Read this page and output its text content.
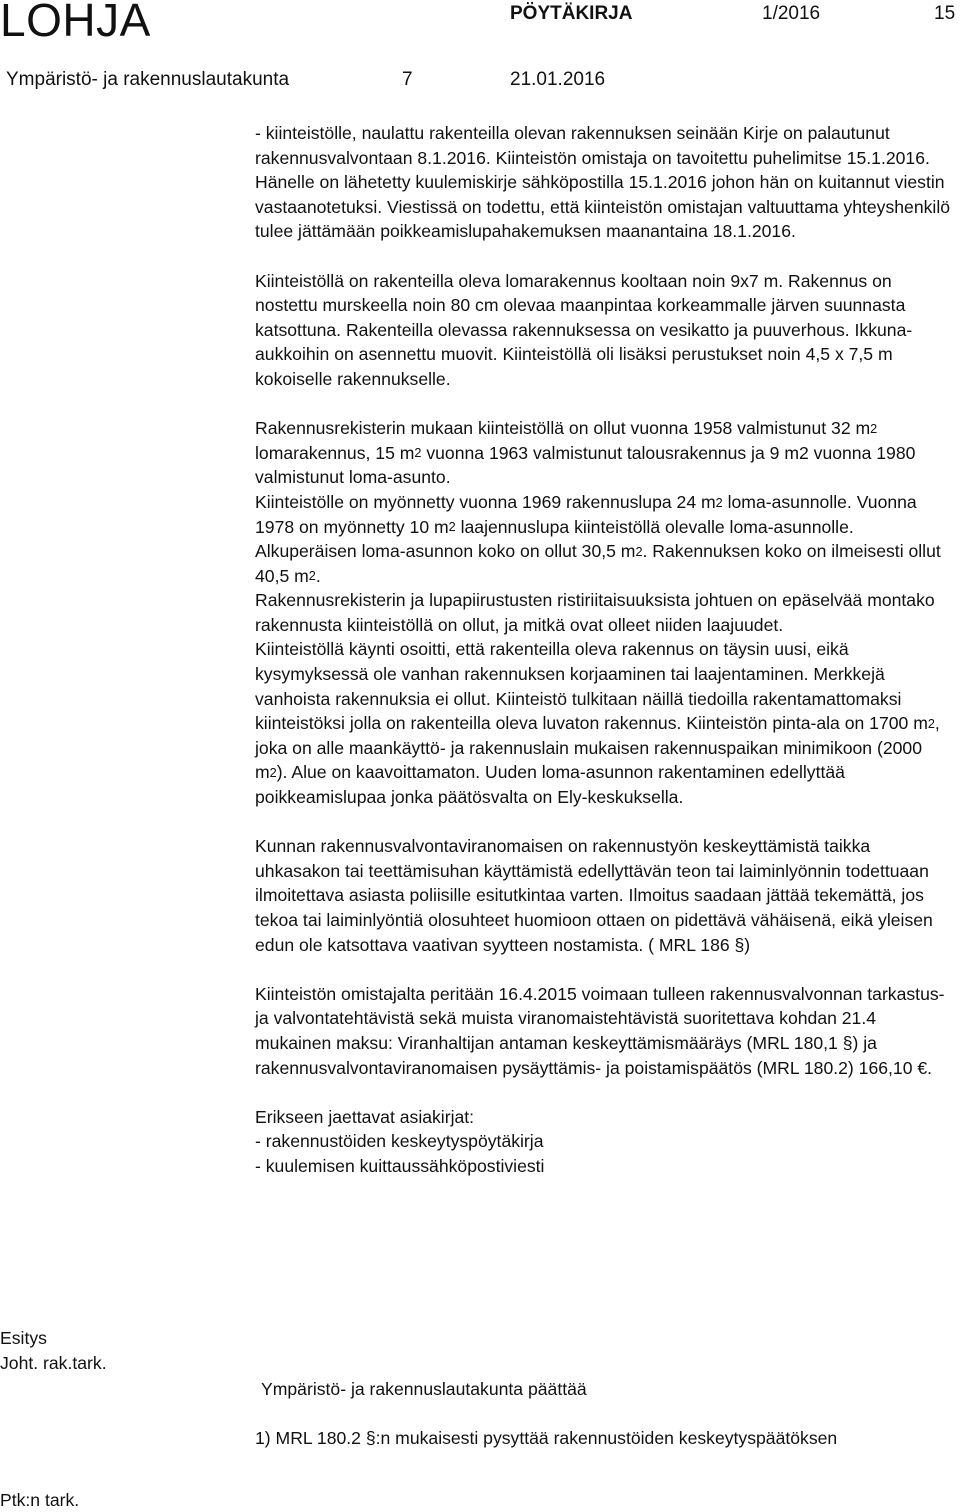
LOHJA	PÖYTÄKIRJA	1/2016	15
Ympäristö- ja rakennuslautakunta	7	21.01.2016

- kiinteistölle, naulattu rakenteilla olevan rakennuksen seinään Kirje on palautunut rakennusvalvontaan 8.1.2016. Kiinteistön omistaja on tavoitettu puhelimitse 15.1.2016. Hänelle on lähetetty kuulemiskirje sähköpostilla 15.1.2016 johon hän on kuitannut viestin vastaanotetuksi. Viestissä on todettu, että kiinteistön omistajan valtuuttama yhteyshenkilö tulee jättämään poikkeamislupahakemuksen maanantaina 18.1.2016.

Kiinteistöllä on rakenteilla oleva lomarakennus kooltaan noin 9x7 m. Rakennus on nostettu murskeella noin 80 cm olevaa maanpintaa korkeammalle järven suunnasta katsottuna. Rakenteilla olevassa rakennuksessa on vesikatto ja puuverhous. Ikkuna-aukkoihin on asennettu muovit. Kiinteistöllä oli lisäksi perustukset noin 4,5 x 7,5 m kokoiselle rakennukselle.

Rakennusrekisterin mukaan kiinteistöllä on ollut vuonna 1958 valmistunut 32 $m^2$ lomarakennus, 15 $m^2$ vuonna 1963 valmistunut talousrakennus ja 9 m2 vuonna 1980 valmistunut loma-asunto.

Kiinteistölle on myönnetty vuonna 1969 rakennuslupa 24 $m^2$ loma-asunnolle. Vuonna 1978 on myönnetty 10 $m^2$ laajennuslupa kiinteistöllä olevalle loma-asunnolle. Alkuperäisen loma-asunnon koko on ollut 30,5 $m^2$. Rakennuksen koko on ilmeisesti ollut 40,5 $m^2$.

Rakennusrekisterin ja lupapiirustusten ristiriitaisuuksista johtuen on epäselvää montako rakennusta kiinteistöllä on ollut, ja mitkä ovat olleet niiden laajuudet.

Kiinteistöllä käynti osoitti, että rakenteilla oleva rakennus on täysin uusi, eikä kysymyksessä ole vanhan rakennuksen korjaaminen tai laajentaminen. Merkkejä vanhoista rakennuksia ei ollut. Kiinteistö tulkitaan näillä tiedoilla rakentamattomaksi kiinteistöksi jolla on rakenteilla oleva luvaton rakennus. Kiinteistön pinta-ala on 1700 $m^2$, joka on alle maankäyttö- ja rakennuslain mukaisen rakennuspaikan minimikoon (2000 $m^2$). Alue on kaavoittamaton. Uuden loma-asunnon rakentaminen edellyttää poikkeamislupaa jonka päätösvalta on Ely-keskuksella.

Kunnan rakennusvalvontaviranomaisen on rakennustyön keskeyttämistä taikka uhkasakon tai teettämisuhan käyttämistä edellyttävän teon tai laiminlyönnin todettuaan ilmoitettava asiasta poliisille esitutkintaa varten. Ilmoitus saadaan jättää tekemättä, jos tekoa tai laiminlyöntiä olosuhteet huomioon ottaen on pidettävä vähäisenä, eikä yleisen edun ole katsottava vaativan syytteen nostamista. ( MRL 186 §)

Kiinteistön omistajalta peritään 16.4.2015 voimaan tulleen rakennusvalvonnan tarkastus- ja valvontatehtävistä sekä muista viranomaistehtävistä suoritettava kohdan 21.4 mukainen maksu: Viranhaltijan antaman keskeyttämismääräys (MRL 180,1 §) ja rakennusvalvontaviranomaisen pysäyttämis- ja poistamispäätös (MRL 180.2) 166,10 €.

Erikseen jaettavat asiakirjat:

- rakennustöiden keskeytyspöytäkirja

- kuulemisen kuittaussähköpostiviesti

Esitys
Joht. rak.tark.
Ptk:n tark.
Ympäristö- ja rakennuslautakunta päättää
1) MRL 180.2 §:n mukaisesti pysyttää rakennustöiden keskeytyspäätöksen
